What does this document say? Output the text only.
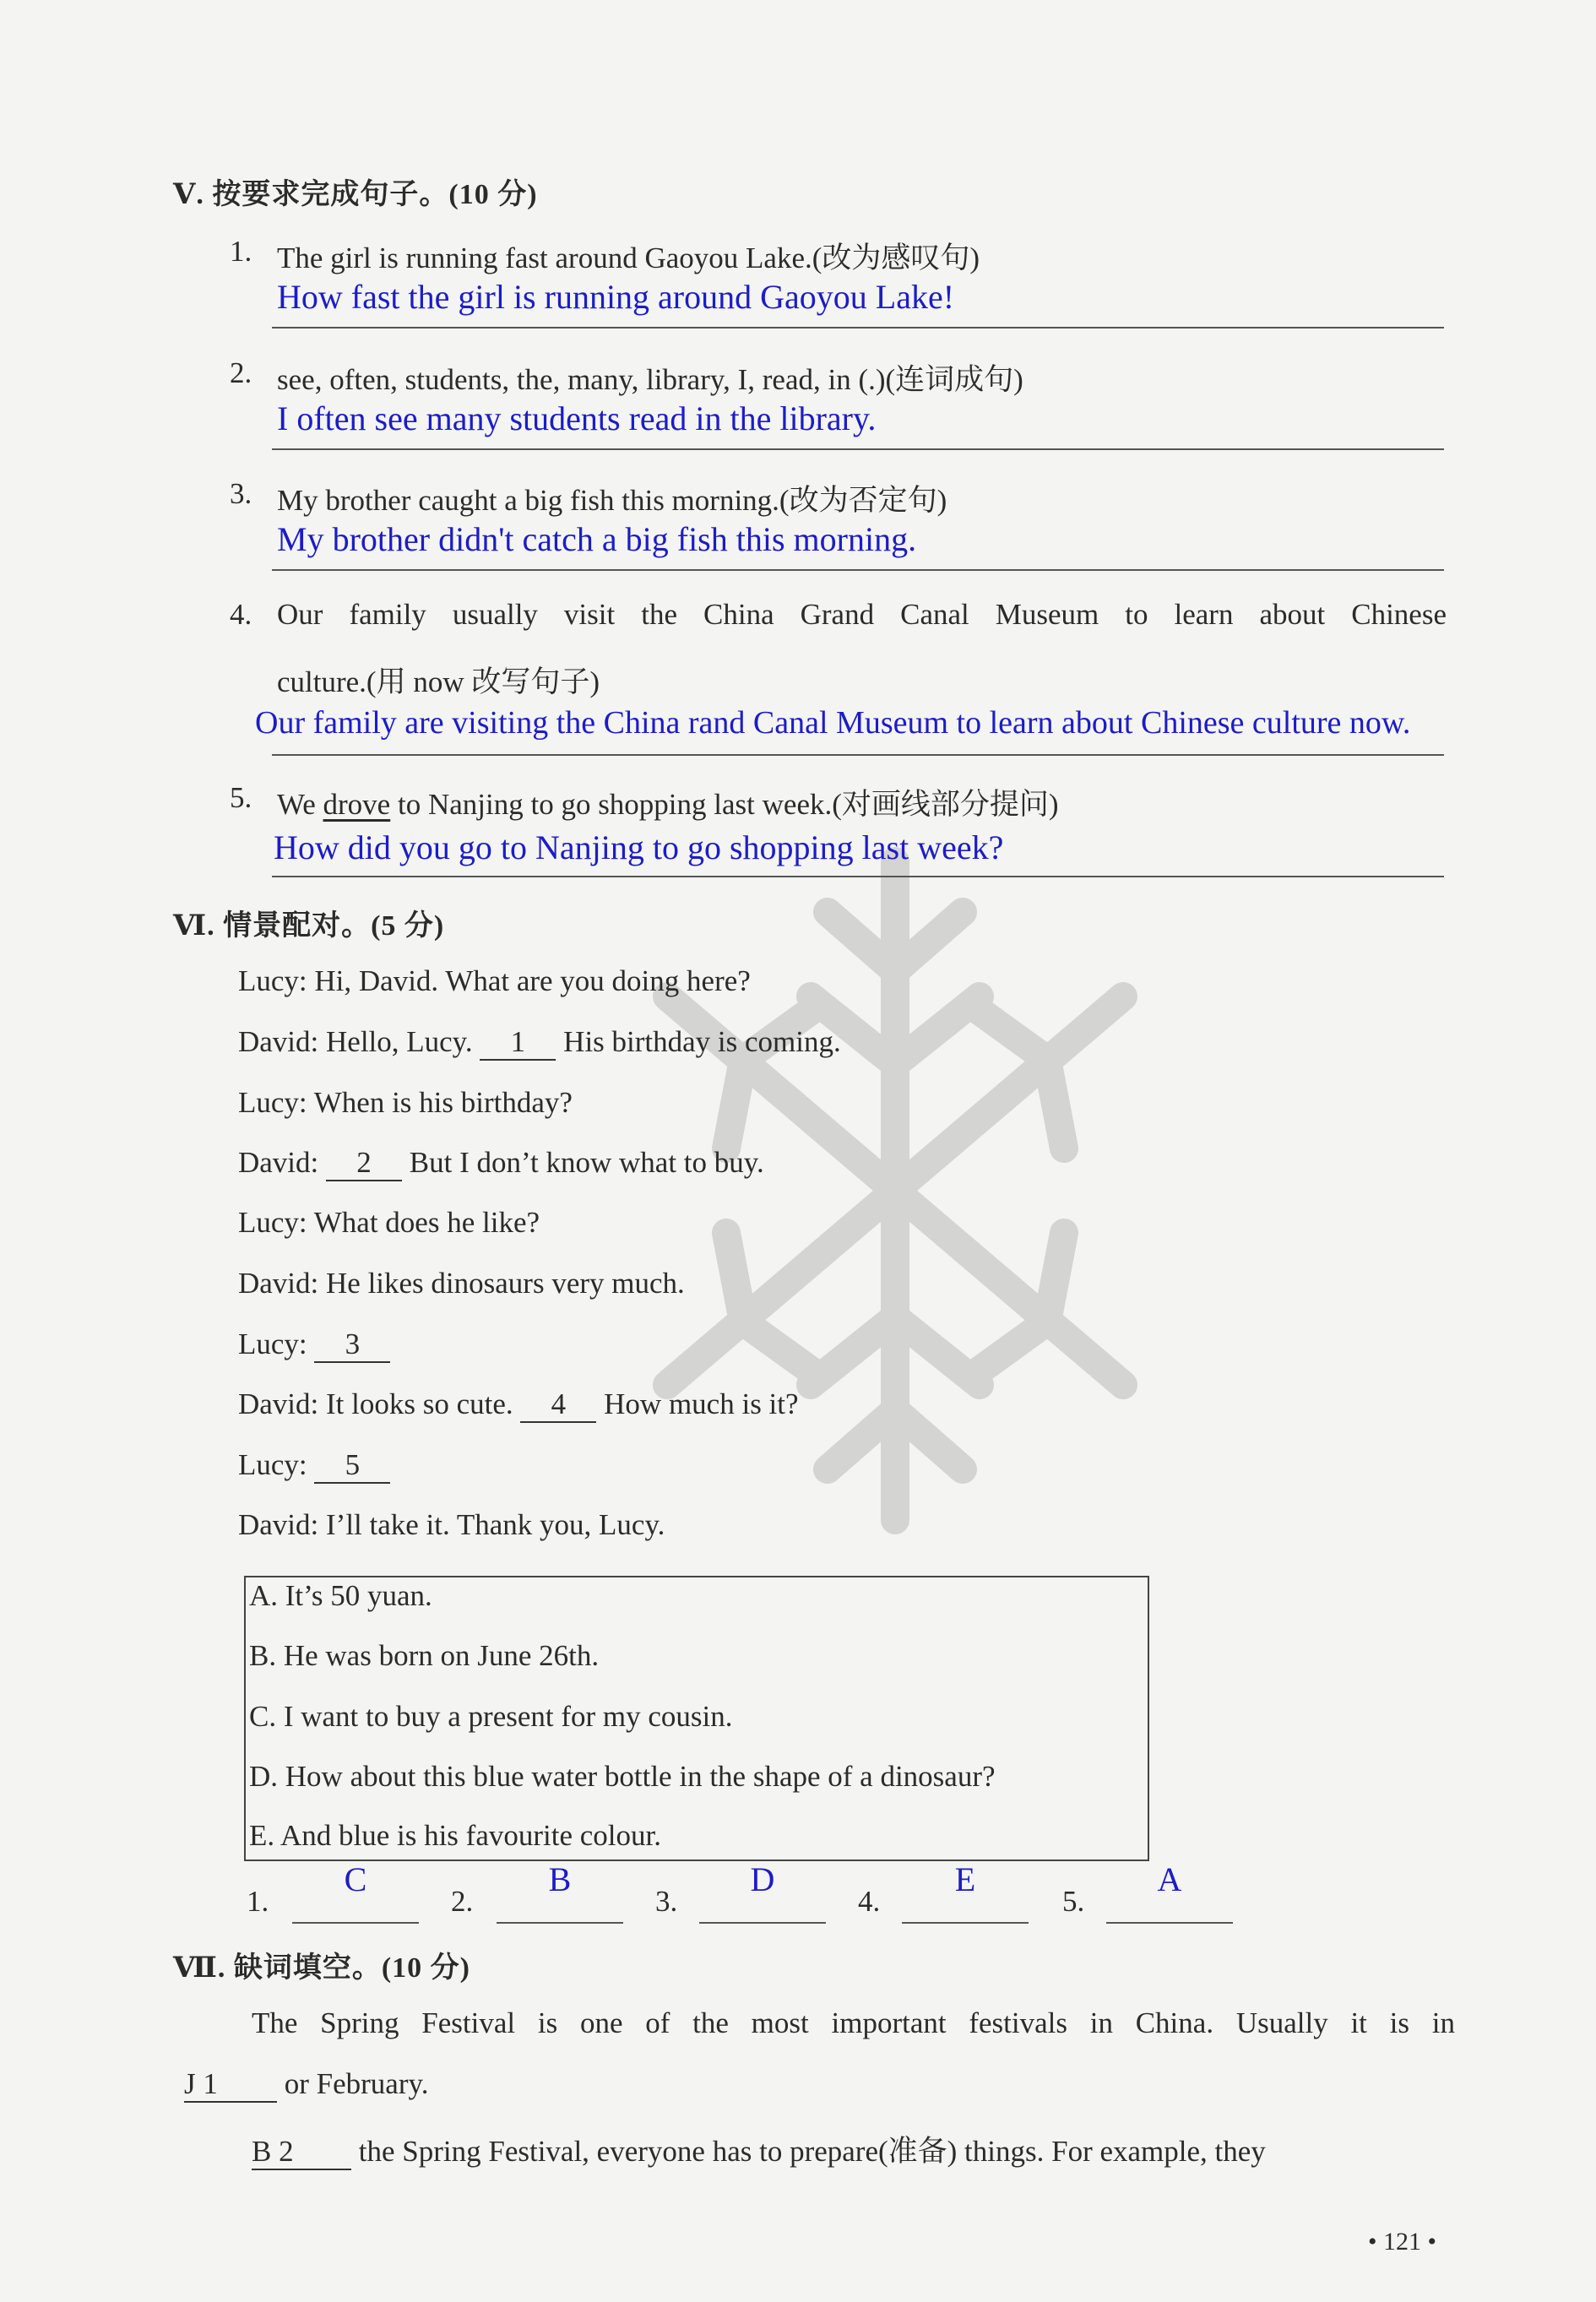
Ⅴ. 按要求完成句子。(10 分)
1. The girl is running fast around Gaoyou Lake.(改为感叹句)
How fast the girl is running around Gaoyou Lake!
2. see, often, students, the, many, library, I, read, in (.)(连词成句)
I often see many students read in the library.
3. My brother caught a big fish this morning.(改为否定句)
My brother didn't catch a big fish this morning.
4. Our family usually visit the China Grand Canal Museum to learn about Chinese
culture.(用 now 改写句子)
Our family are visiting the China rand Canal Museum to learn about Chinese culture now.
5. We drove to Nanjing to go shopping last week.(对画线部分提问)
How did you go to Nanjing to go shopping last week?
Ⅵ. 情景配对。(5 分)
Lucy: Hi, David. What are you doing here?
David: Hello, Lucy. 1 His birthday is coming.
Lucy: When is his birthday?
David: 2 But I don’t know what to buy.
Lucy: What does he like?
David: He likes dinosaurs very much.
Lucy: 3
David: It looks so cute. 4 How much is it?
Lucy: 5
David: I’ll take it. Thank you, Lucy.
A. It’s 50 yuan.
B. He was born on June 26th.
C. I want to buy a present for my cousin.
D. How about this blue water bottle in the shape of a dinosaur?
E. And blue is his favourite colour.
1.
C
2.
B
3.
D
4.
E
5.
A
Ⅶ. 缺词填空。(10 分)
The Spring Festival is one of the most important festivals in China. Usually it is in
J 1 or February.
B 2 the Spring Festival, everyone has to prepare(准备) things. For example, they
• 121 •
